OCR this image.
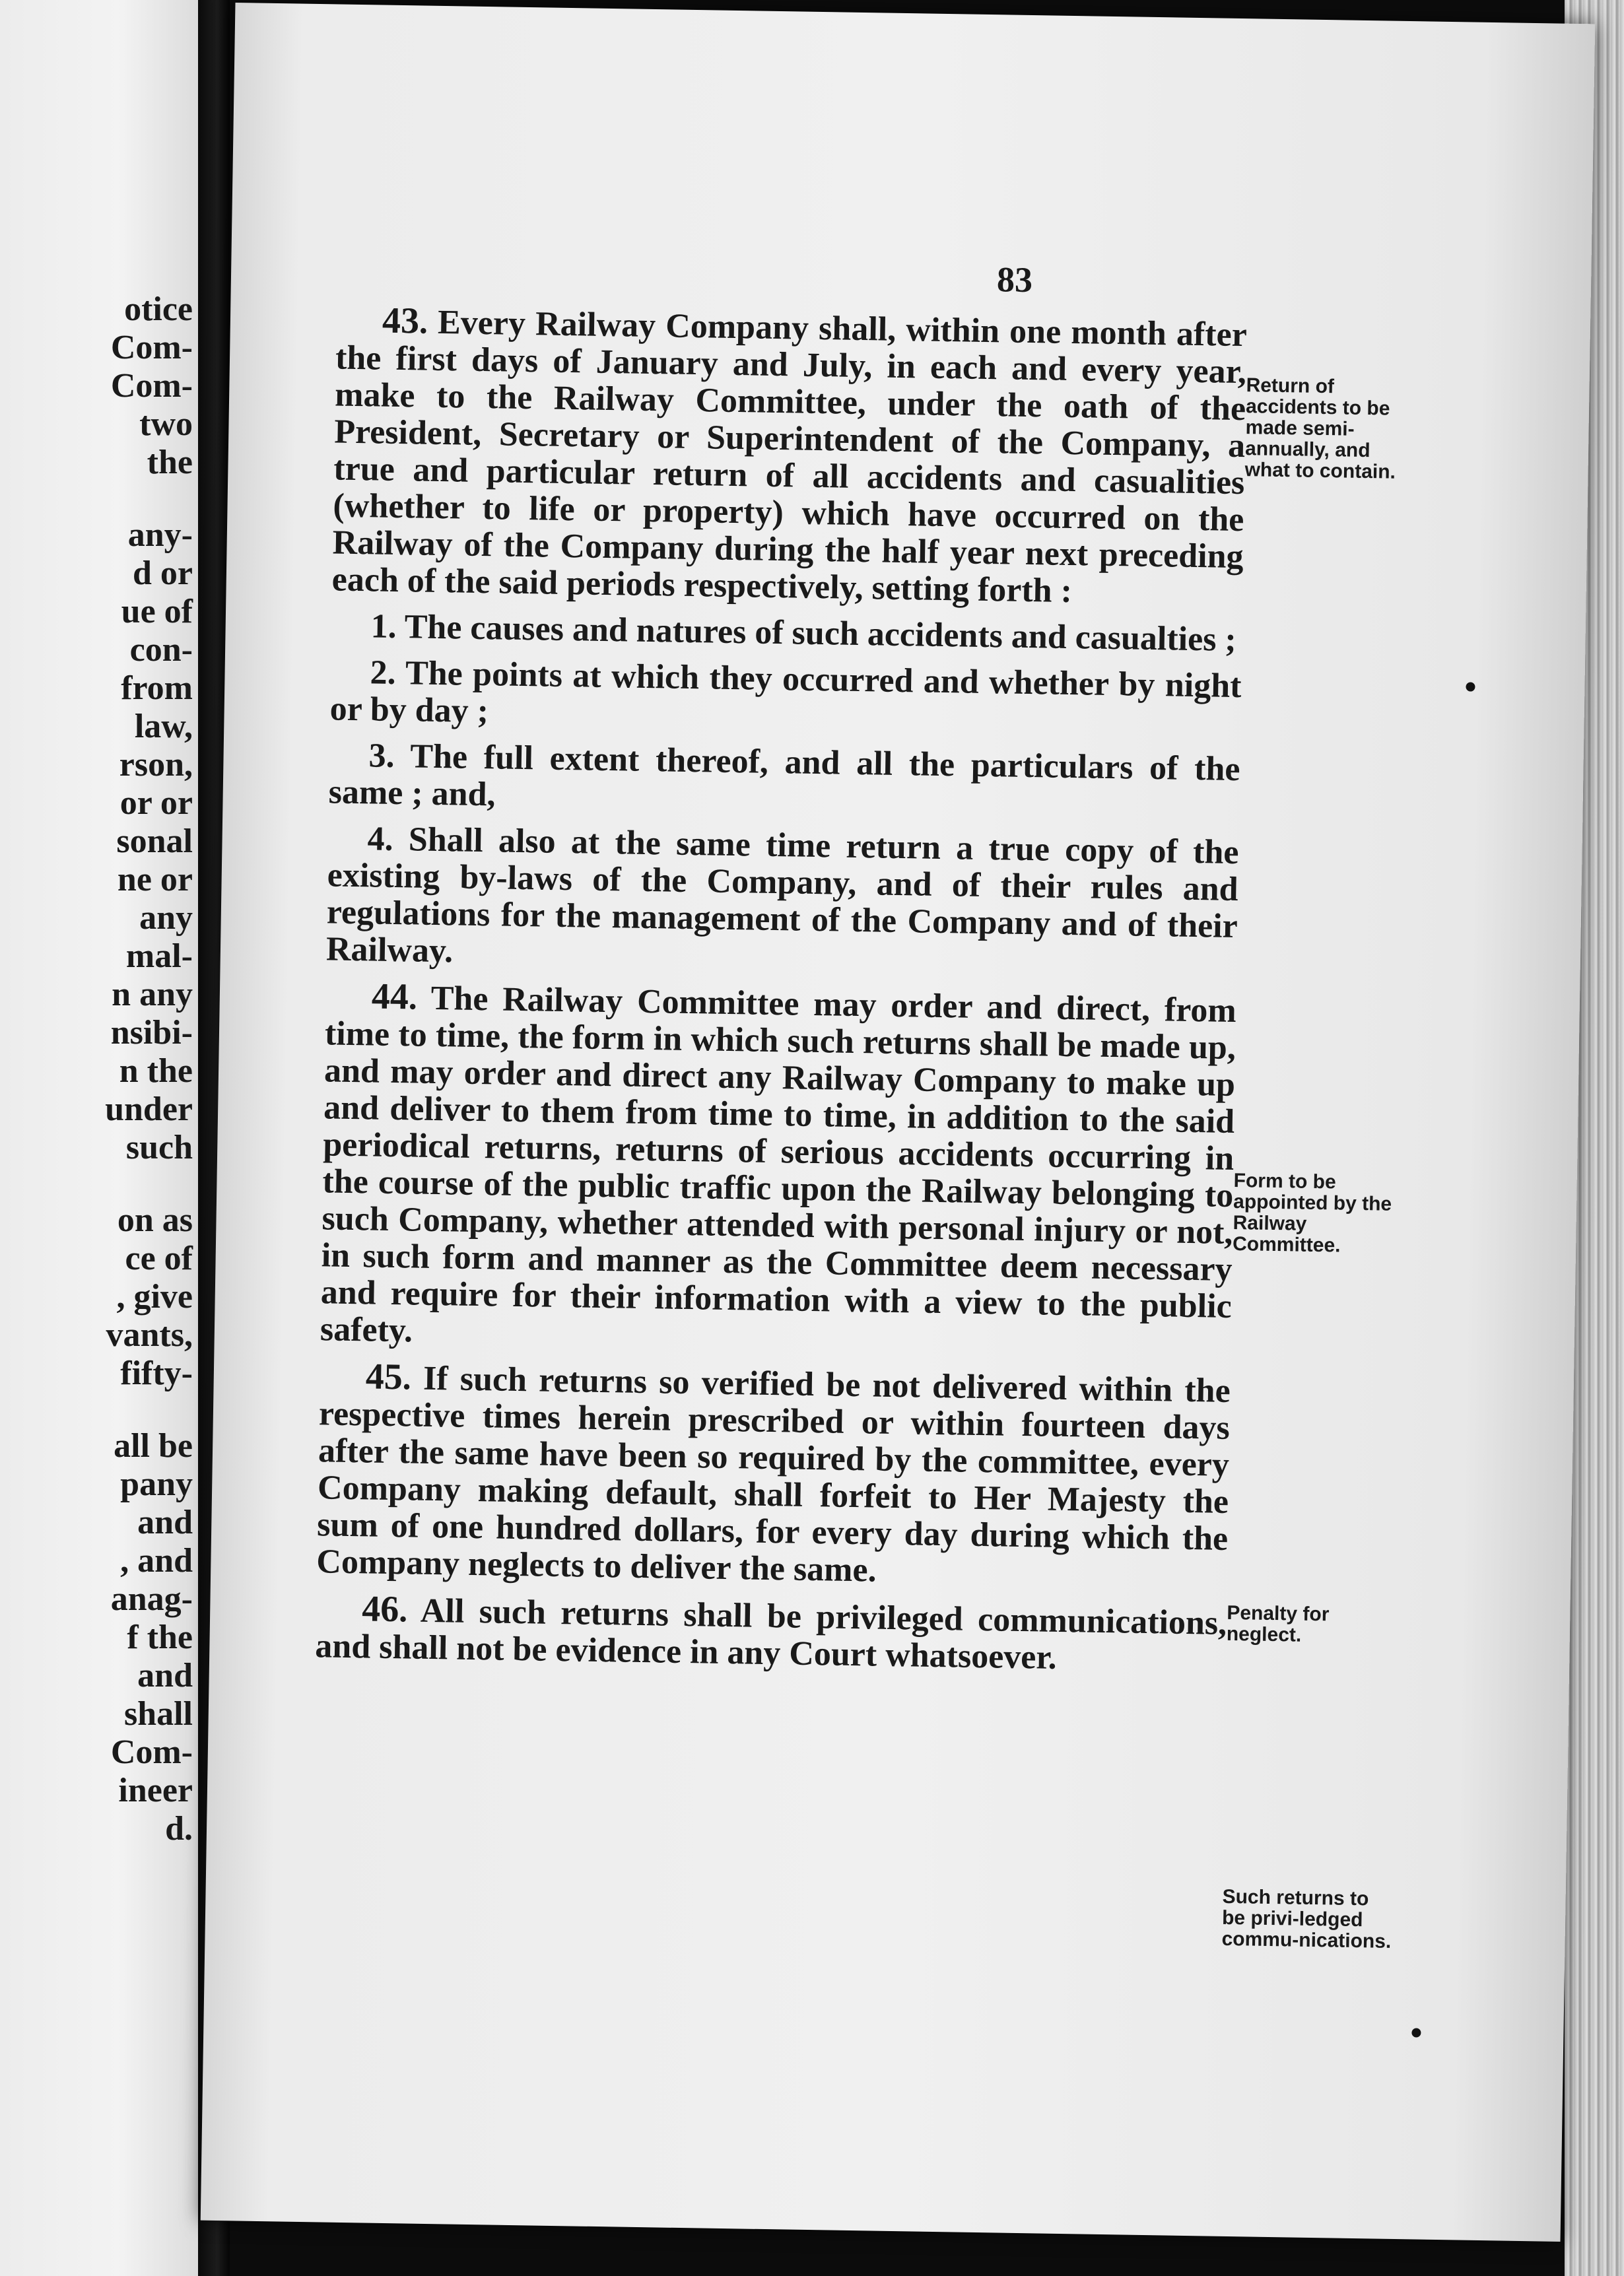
otice
Com-
Com-
two
the
any-
d or
ue of
con-
from
law,
rson,
or or
sonal
ne or
any
mal-
n any
nsibi-
n the
under
such
on as
ce of
, give
vants,
fifty-
all be
pany
and
, and
anag-
f the
and
shall
Com-
ineer
d.
83

43. Every Railway Company shall, within one month after the first days of January and July, in each and every year, make to the Railway Committee, under the oath of the President, Secretary or Superintendent of the Company, a true and particular return of all accidents and casualities (whether to life or property) which have occurred on the Railway of the Company during the half year next preceding each of the said periods respectively, setting forth :

1. The causes and natures of such accidents and casualties ;

2. The points at which they occurred and whether by night or by day ;

3. The full extent thereof, and all the particulars of the same ; and,

4. Shall also at the same time return a true copy of the existing by-laws of the Company, and of their rules and regulations for the management of the Company and of their Railway.

44. The Railway Committee may order and direct, from time to time, the form in which such returns shall be made up, and may order and direct any Railway Company to make up and deliver to them from time to time, in addition to the said periodical returns, returns of serious accidents occurring in the course of the public traffic upon the Railway belonging to such Company, whether attended with personal injury or not, in such form and manner as the Committee deem necessary and require for their information with a view to the public safety.

45. If such returns so verified be not delivered within the respective times herein prescribed or within fourteen days after the same have been so required by the committee, every Company making default, shall forfeit to Her Majesty the sum of one hundred dollars, for every day during which the Company neglects to deliver the same.

46. All such returns shall be privileged communications, and shall not be evidence in any Court whatsoever.

Return of accidents to be made semi-annually, and what to contain.
Form to be appointed by the Railway Committee.
Penalty for neglect.
Such returns to be privi-ledged commu-nications.
